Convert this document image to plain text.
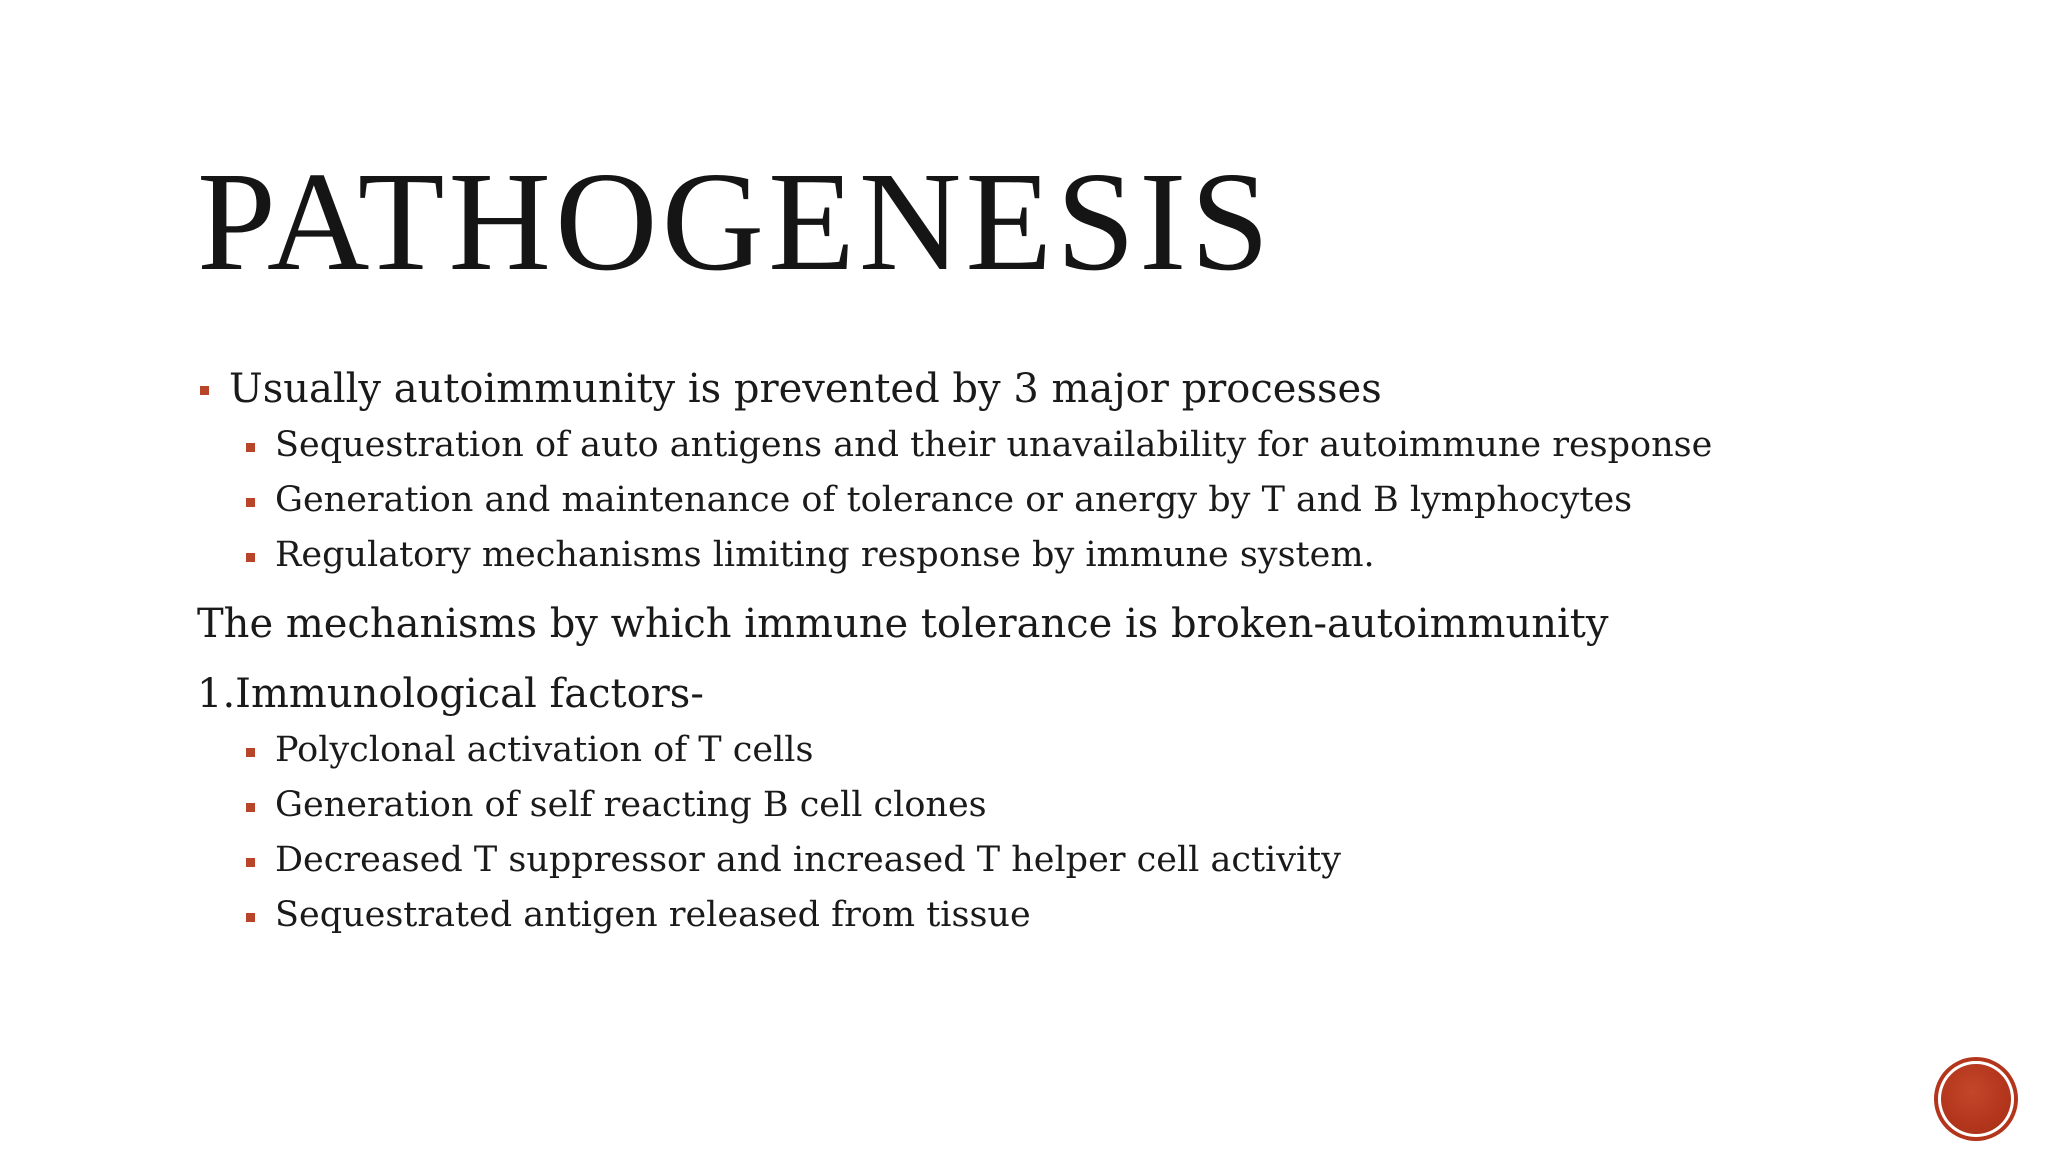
PATHOGENESIS
Usually autoimmunity is prevented by 3 major processes
Sequestration of auto antigens and their unavailability for autoimmune response
Generation and maintenance of tolerance or anergy by T and B lymphocytes
Regulatory mechanisms limiting response by immune system.
The mechanisms by which immune tolerance is broken-autoimmunity
1.Immunological factors-
Polyclonal activation of T cells
Generation of self reacting B cell clones
Decreased T suppressor and increased T helper cell activity
Sequestrated antigen released from tissue
